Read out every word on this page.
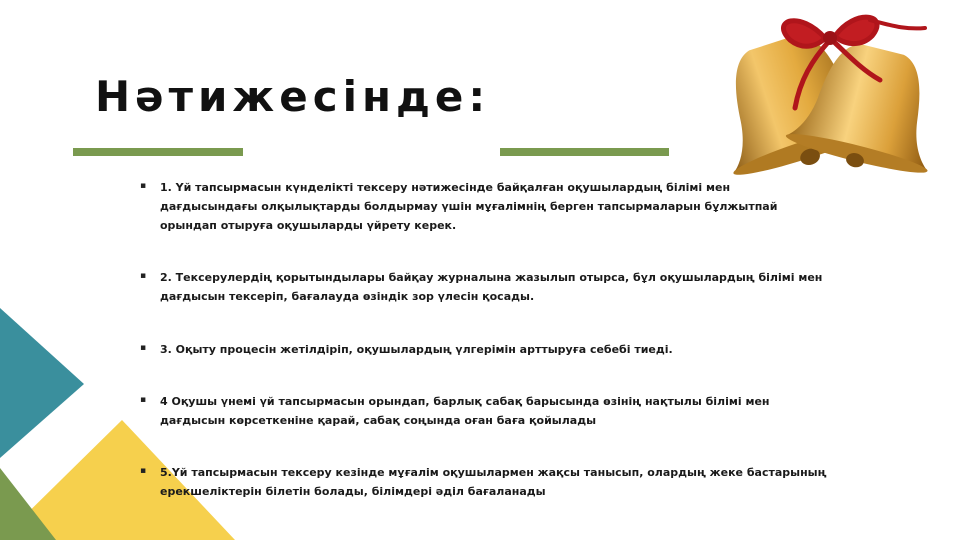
Нәтижесінде:
▪	1. Үй тапсырмасын күнделікті тексеру нәтижесінде байқалған оқушылардың білімі мен дағдысындағы олқылықтарды болдырмау үшін мұғалімнің берген тапсырмаларын бұлжытпай орындап отыруға оқушыларды үйрету керек.
▪	2. Тексерулердің қорытындылары байқау журналына жазылып отырса, бұл оқушылардың білімі мен дағдысын тексеріп, бағалауда өзіндік зор үлесін қосады.
▪	3. Оқыту процесін жетілдіріп, оқушылардың үлгерімін арттыруға себебі тиеді.
▪	4 Оқушы үнемі үй тапсырмасын орындап, барлық сабақ барысында өзінің нақтылы білімі мен дағдысын көрсеткеніне қарай, сабақ соңында оған баға қойылады
▪	5.Үй тапсырмасын тексеру кезінде мұғалім оқушылармен жақсы танысып, олардың жеке бастарының ерекшеліктерін білетін болады, білімдері әділ бағаланады
